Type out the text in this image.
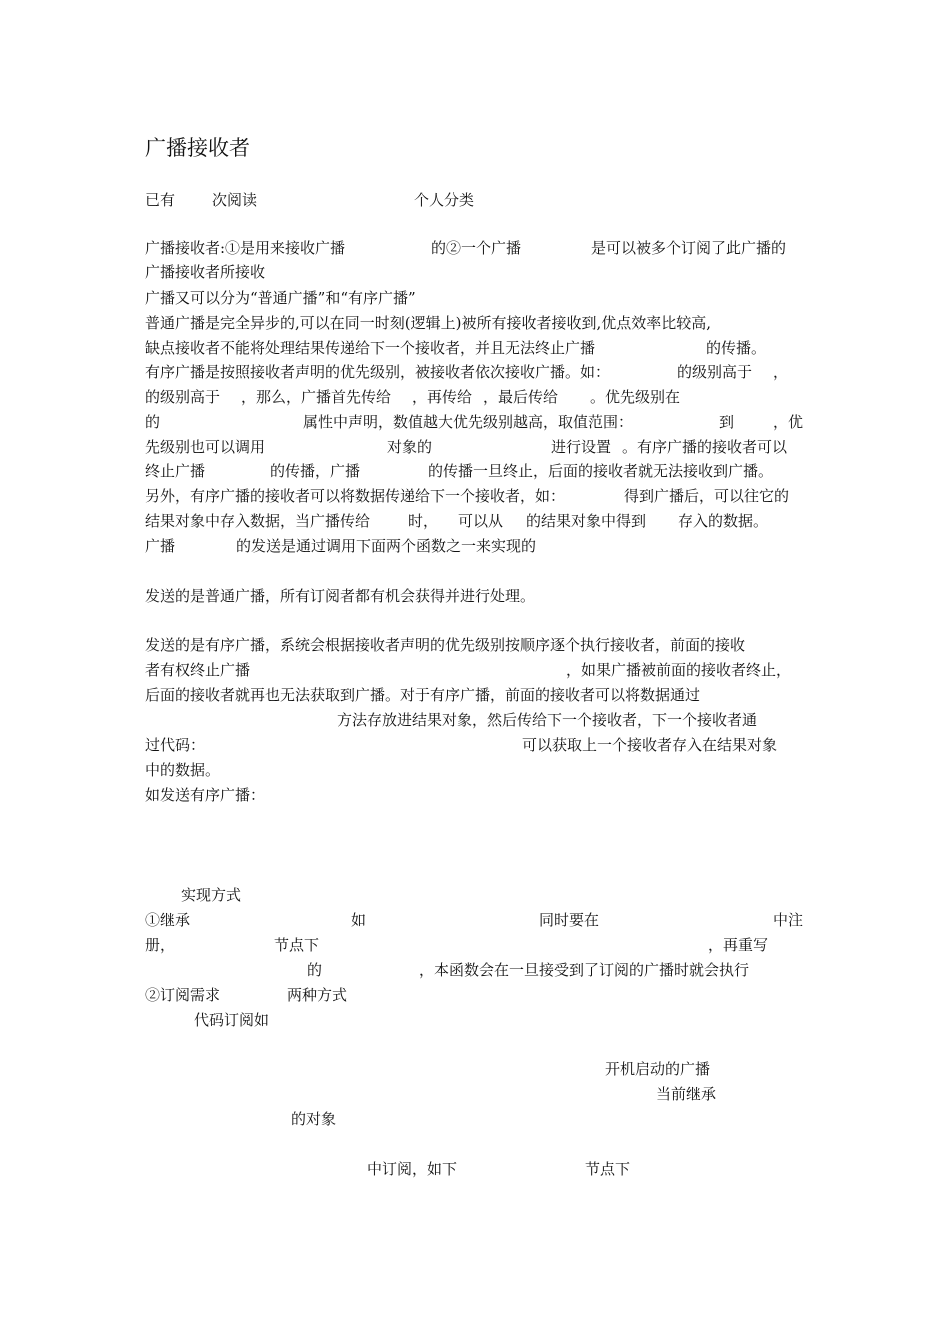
广播接收者
已有 次阅读	个人分类
广播接收者:①是用来接收广播	的②一个广播	是可以被多个订阅了此广播的
广播接收者所接收
广播又可以分为“普通广播”和“有序广播”
普通广播是完全异步的,可以在同一时刻(逻辑上)被所有接收者接收到,优点效率比较高,
缺点接收者不能将处理结果传递给下一个接收者，并且无法终止广播	的传播。
有序广播是按照接收者声明的优先级别，被接收者依次接收广播。如：	的级别高于 ，
的级别高于 ，那么，广播首先传给 ，再传给 ，最后传给 。优先级别在
的	属性中声明，数值越大优先级别越高，取值范围：	到	，优
先级别也可以调用	对象的	进行设置 。有序广播的接收者可以
终止广播	的传播，广播	的传播一旦终止，后面的接收者就无法接收到广播。
另外，有序广播的接收者可以将数据传递给下一个接收者，如：	得到广播后，可以往它的
结果对象中存入数据，当广播传给	时， 可以从 的结果对象中得到 存入的数据。
广播	的发送是通过调用下面两个函数之一来实现的
发送的是普通广播，所有订阅者都有机会获得并进行处理。
发送的是有序广播，系统会根据接收者声明的优先级别按顺序逐个执行接收者，前面的接收
者有权终止广播	，如果广播被前面的接收者终止，
后面的接收者就再也无法获取到广播。对于有序广播，前面的接收者可以将数据通过
方法存放进结果对象，然后传给下一个接收者，下一个接收者通
过代码：	可以获取上一个接收者存入在结果对象
中的数据。
如发送有序广播：
实现方式
①继承	如	同时要在	中注
册，	节点下	，再重写
的	，本函数会在一旦接受到了订阅的广播时就会执行
②订阅需求	两种方式
代码订阅如
开机启动的广播
当前继承
的对象
中订阅，如下	节点下
